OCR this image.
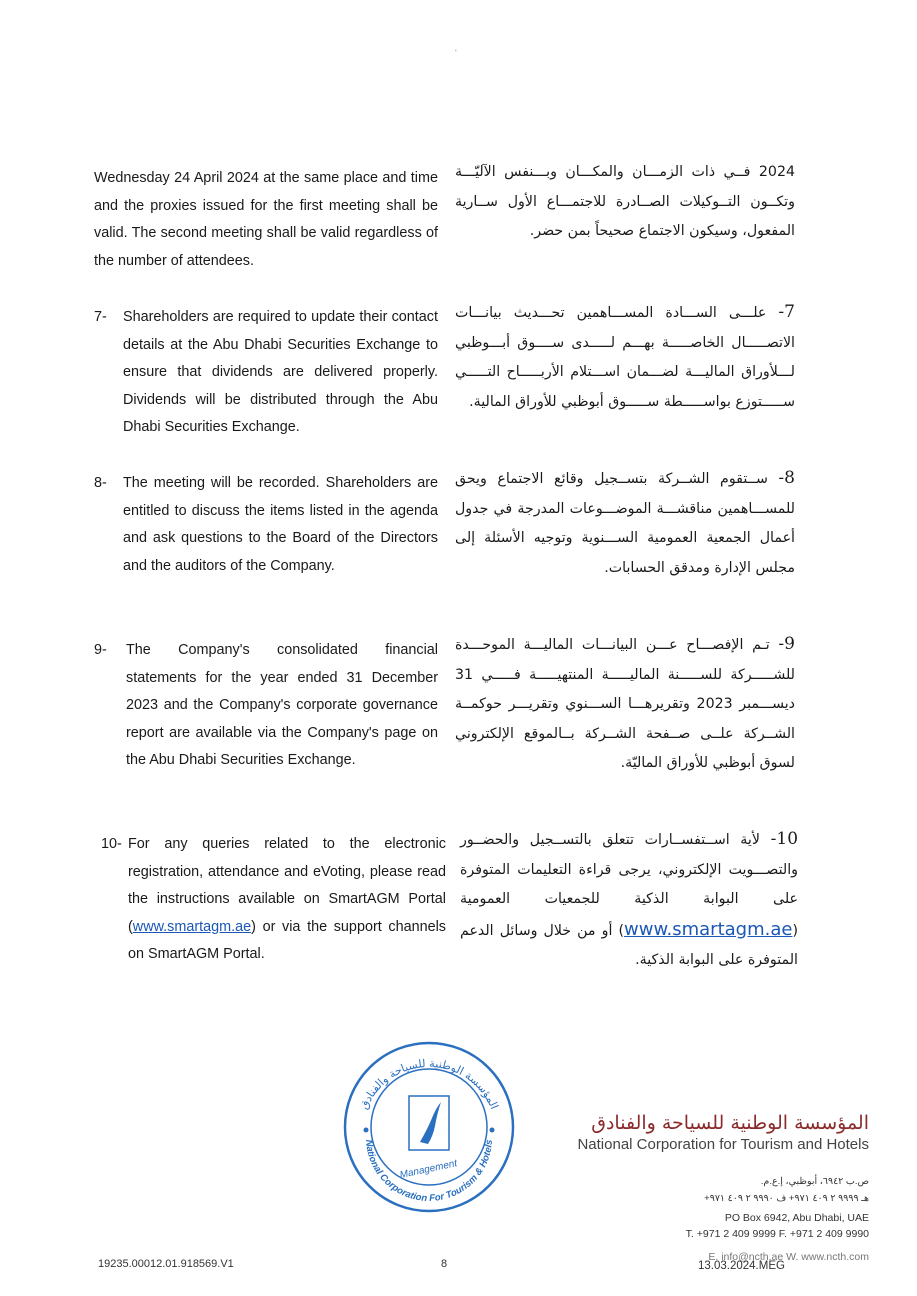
'
Wednesday 24 April 2024 at the same place and time and the proxies issued for the first meeting shall be valid. The second meeting shall be valid regardless of the number of attendees.
2024 فــي ذات الزمـــان والمكـــان وبـــنفس الآليّـــة وتكــون التــوكيلات الصــادرة للاجتمـــاع الأول ســارية المفعول، وسيكون الاجتماع صحيحاً بمن حضر.
7- Shareholders are required to update their contact details at the Abu Dhabi Securities Exchange to ensure that dividends are delivered properly. Dividends will be distributed through the Abu Dhabi Securities Exchange.
7- علـــى الســـادة المســـاهمين تحـــديث بيانـــات الاتصـــــال الخاصـــــة بهـــم لـــــدى ســــوق أبـــوظبي لـــلأوراق الماليـــة لضـــمان اســـتلام الأربـــــاح التـــــي ســـــتوزع بواســـــطة ســـــوق أبوظبي للأوراق المالية.
8- The meeting will be recorded. Shareholders are entitled to discuss the items listed in the agenda and ask questions to the Board of the Directors and the auditors of the Company.
8- ســتقوم الشــركة بتســجيل وقائع الاجتماع ويحق للمســـاهمين مناقشـــة الموضـــوعات المدرجة في جدول أعمال الجمعية العمومية الســـنوية وتوجيه الأسئلة إلى مجلس الإدارة ومدقق الحسابات.
9- The Company's consolidated financial statements for the year ended 31 December 2023 and the Company's corporate governance report are available via the Company's page on the Abu Dhabi Securities Exchange.
9- تـم الإفصـــاح عـــن البيانـــات الماليـــة الموحـــدة للشـــــركة للســـــنة الماليـــــة المنتهيـــــة فـــــي 31 ديســـمبر 2023 وتقريرهـــا الســـنوي وتقريـــر حوكمــة الشــركة علــى صــفحة الشــركة بــالموقع الإلكتروني لسوق أبوظبي للأوراق الماليّة.
10- For any queries related to the electronic registration, attendance and eVoting, please read the instructions available on SmartAGM Portal (www.smartagm.ae) or via the support channels on SmartAGM Portal.
10- لأية اســتفســارات تتعلق بالتســجيل والحضــور والتصـــويت الإلكتروني، يرجى قراءة التعليمات المتوفرة على البوابة الذكية للجمعيات العمومية (www.smartagm.ae) أو من خلال وسائل الدعم المتوفرة على البوابة الذكية.
المؤسسة الوطنية للسياحة والفنادق
National Corporation For Tourism & Hotels
Management
المؤسسة الوطنية للسياحة والفنادق
National Corporation for Tourism and Hotels
ص.ب ٦٩٤٢، أبوظبي، إ.ع.م.
هـ ٩٩٩٩ ٢ ٤٠٩ ٩٧١+ ف ٩٩٩٠ ٢ ٤٠٩ ٩٧١+
PO Box 6942, Abu Dhabi, UAE
T. +971 2 409 9999 F. +971 2 409 9990
E. info@ncth.ae W. www.ncth.com
19235.00012.01.918569.V1	8	13.03.2024.MEG
